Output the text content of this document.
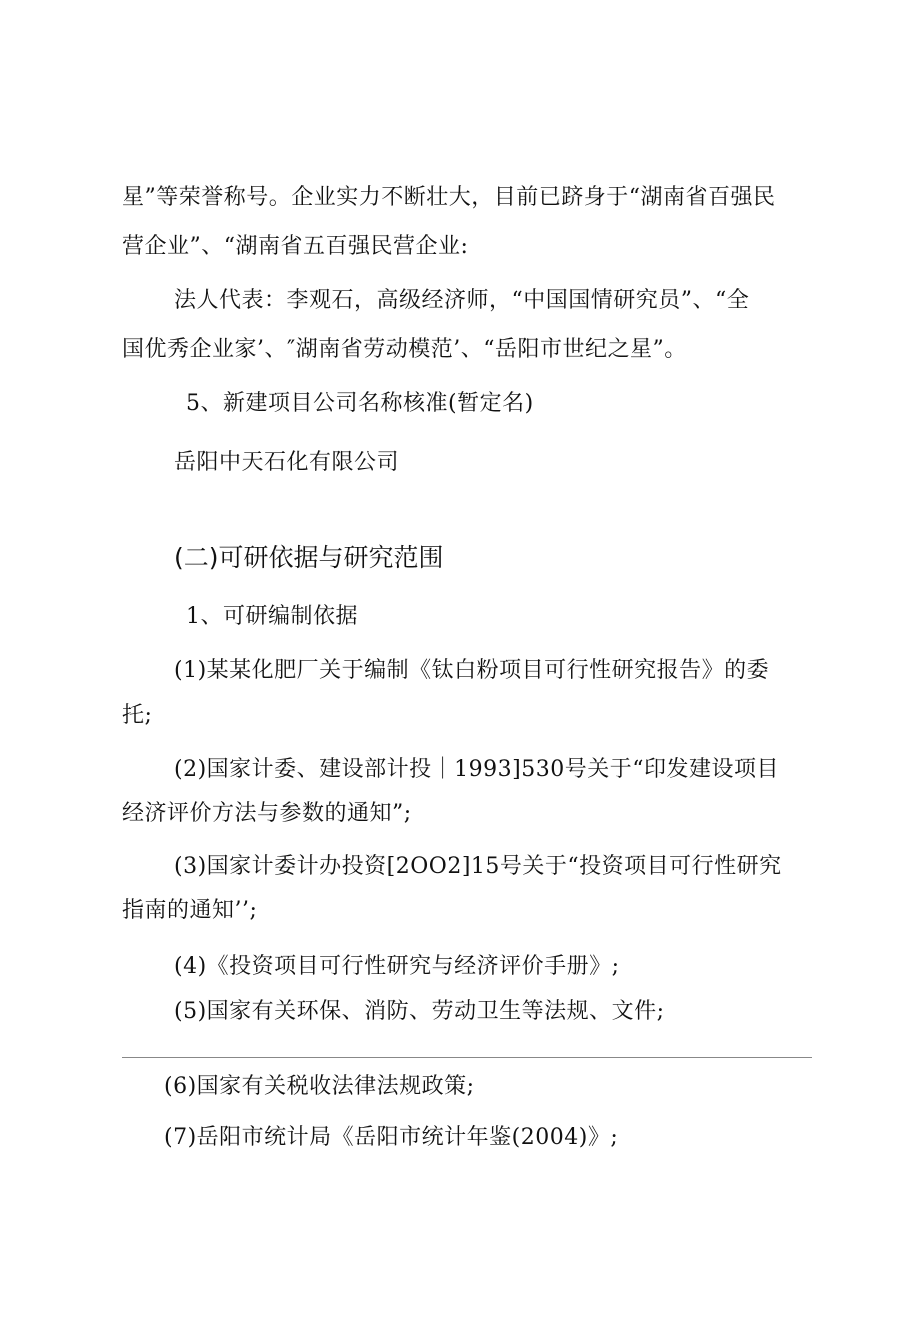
星”等荣誉称号。企业实力不断壮大，目前已跻身于“湖南省百强民
营企业”、“湖南省五百强民营企业:
法人代表：李观石，高级经济师，“中国国情研究员”、“全
国优秀企业家’、″湖南省劳动模范’、“岳阳市世纪之星”。
5、新建项目公司名称核准(暂定名)
岳阳中天石化有限公司
(二)可研依据与研究范围
1、可研编制依据
(1)某某化肥厂关于编制《钛白粉项目可行性研究报告》的委
托;
(2)国家计委、建设部计投｜1993]530号关于“印发建设项目
经济评价方法与参数的通知”;
(3)国家计委计办投资[2OO2]15号关于“投资项目可行性研究
指南的通知’’;
(4)《投资项目可行性研究与经济评价手册》;
(5)国家有关环保、消防、劳动卫生等法规、文件;
(6)国家有关税收法律法规政策;
(7)岳阳市统计局《岳阳市统计年鉴(2004)》;
